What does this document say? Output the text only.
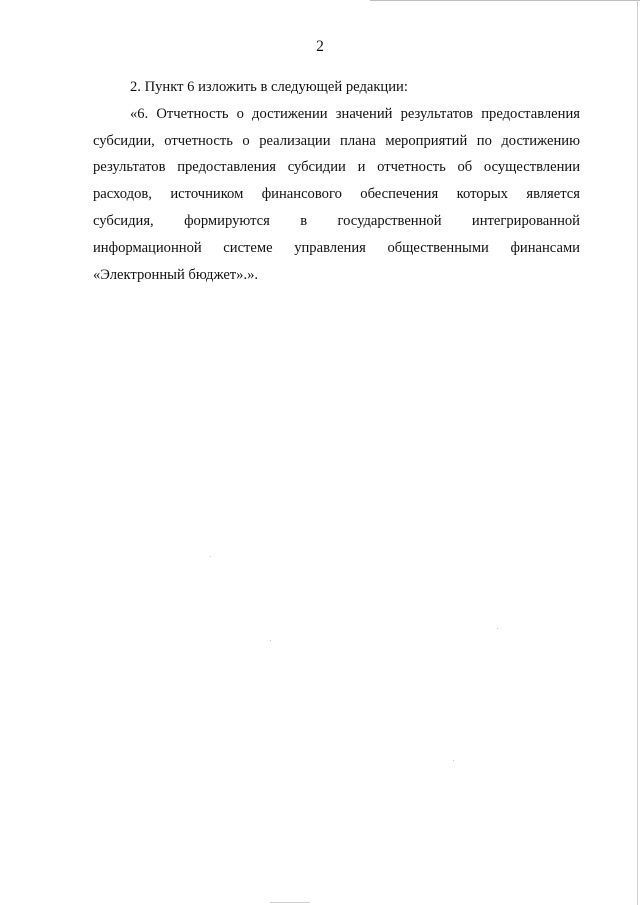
2

2. Пункт 6 изложить в следующей редакции:

«6. Отчетность о достижении значений результатов предоставления
субсидии, отчетность о реализации плана мероприятий по достижению
результатов предоставления субсидии и отчетность об осуществлении
расходов, источником финансового обеспечения которых является
субсидия, формируются в государственной интегрированной
информационной системе управления общественными финансами
«Электронный бюджет».».
